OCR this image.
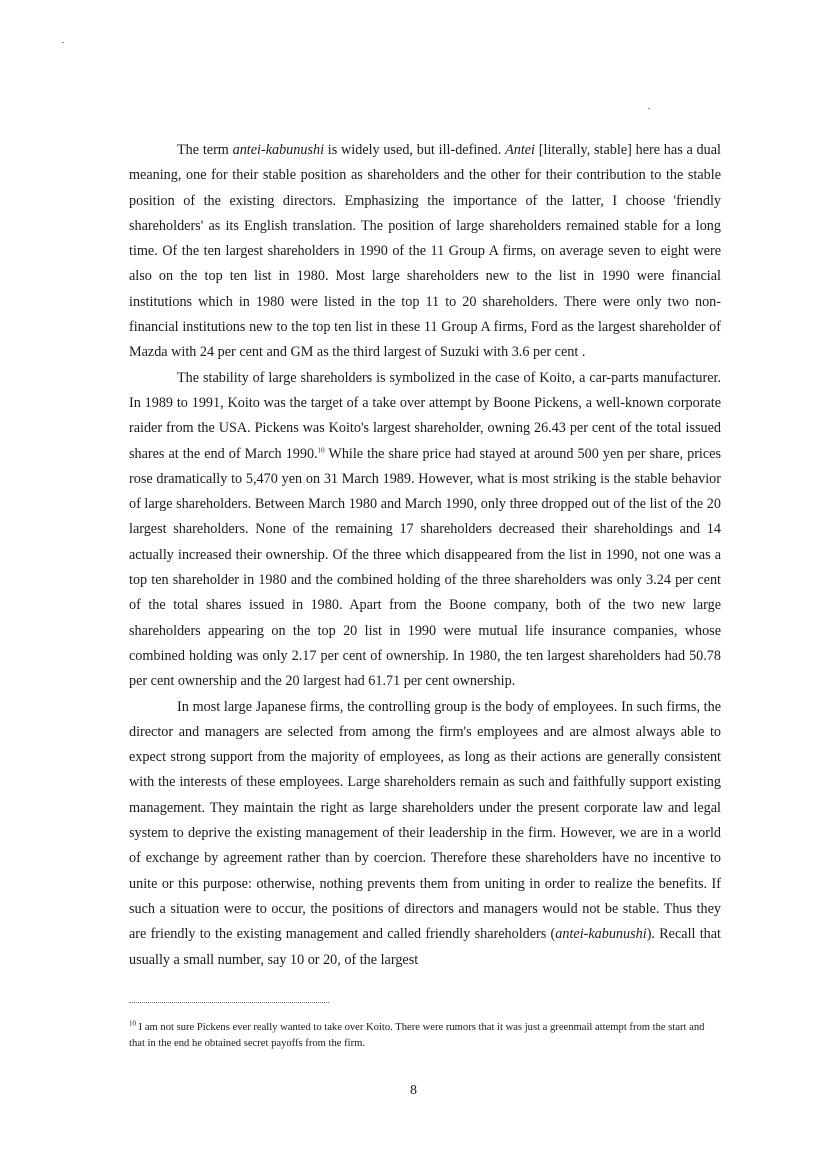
The term antei-kabunushi is widely used, but ill-defined. Antei [literally, stable] here has a dual meaning, one for their stable position as shareholders and the other for their contribution to the stable position of the existing directors. Emphasizing the importance of the latter, I choose 'friendly shareholders' as its English translation. The position of large shareholders remained stable for a long time. Of the ten largest shareholders in 1990 of the 11 Group A firms, on average seven to eight were also on the top ten list in 1980. Most large shareholders new to the list in 1990 were financial institutions which in 1980 were listed in the top 11 to 20 shareholders. There were only two non-financial institutions new to the top ten list in these 11 Group A firms, Ford as the largest shareholder of Mazda with 24 per cent and GM as the third largest of Suzuki with 3.6 per cent .

The stability of large shareholders is symbolized in the case of Koito, a car-parts manufacturer. In 1989 to 1991, Koito was the target of a take over attempt by Boone Pickens, a well-known corporate raider from the USA. Pickens was Koito's largest shareholder, owning 26.43 per cent of the total issued shares at the end of March 1990.10 While the share price had stayed at around 500 yen per share, prices rose dramatically to 5,470 yen on 31 March 1989. However, what is most striking is the stable behavior of large shareholders. Between March 1980 and March 1990, only three dropped out of the list of the 20 largest shareholders. None of the remaining 17 shareholders decreased their shareholdings and 14 actually increased their ownership. Of the three which disappeared from the list in 1990, not one was a top ten shareholder in 1980 and the combined holding of the three shareholders was only 3.24 per cent of the total shares issued in 1980. Apart from the Boone company, both of the two new large shareholders appearing on the top 20 list in 1990 were mutual life insurance companies, whose combined holding was only 2.17 per cent of ownership. In 1980, the ten largest shareholders had 50.78 per cent ownership and the 20 largest had 61.71 per cent ownership.

In most large Japanese firms, the controlling group is the body of employees. In such firms, the director and managers are selected from among the firm's employees and are almost always able to expect strong support from the majority of employees, as long as their actions are generally consistent with the interests of these employees. Large shareholders remain as such and faithfully support existing management. They maintain the right as large shareholders under the present corporate law and legal system to deprive the existing management of their leadership in the firm. However, we are in a world of exchange by agreement rather than by coercion. Therefore these shareholders have no incentive to unite or this purpose: otherwise, nothing prevents them from uniting in order to realize the benefits. If such a situation were to occur, the positions of directors and managers would not be stable. Thus they are friendly to the existing management and called friendly shareholders (antei-kabunushi). Recall that usually a small number, say 10 or 20, of the largest

$^{10}$ I am not sure Pickens ever really wanted to take over Koito. There were rumors that it was just a greenmail attempt from the start and that in the end he obtained secret payoffs from the firm.
8
